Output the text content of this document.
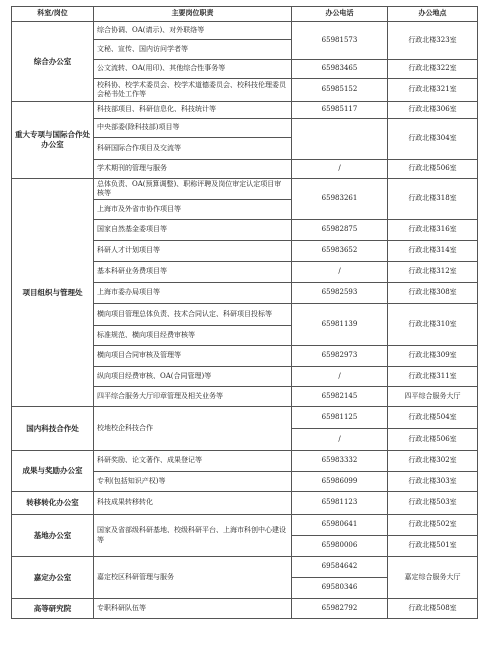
科室/岗位	主要岗位职责	办公电话	办公地点
综合办公室	综合协调、OA(请示)、对外联络等	65981573	行政北楼323室
	文秘、宣传、国内访问学者等		
	公文流转、OA(用印)、其他综合性事务等	65983465	行政北楼322室
	校科协、校学术委员会、校学术道德委员会、校科技伦理委员会秘书处工作等	65985152	行政北楼321室
重大专项与国际合作处办公室	科技部项目、科研信息化、科技统计等	65985117	行政北楼306室
	中央部委(除科技部)项目等		行政北楼304室
	科研国际合作项目及交流等		
	学术期刊的管理与服务	/	行政北楼506室
项目组织与管理处	总体负责、OA(预算调整)、职称评聘及岗位审定认定项目审核等	65983261	行政北楼318室
	上海市及外省市协作项目等		
	国家自然基金委项目等	65982875	行政北楼316室
	科研人才计划项目等	65983652	行政北楼314室
	基本科研业务费项目等	/	行政北楼312室
	上海市委办局项目等	65982593	行政北楼308室
	横向项目管理总体负责、技术合同认定、科研项目投标等	65981139	行政北楼310室
	标准规范、横向项目经费审核等		
	横向项目合同审核及管理等	65982973	行政北楼309室
	纵向项目经费审核、OA(合同管理)等	/	行政北楼311室
	四平综合服务大厅印章管理及相关业务等	65982145	四平综合服务大厅
国内科技合作处	校地校企科技合作	65981125	行政北楼504室
		/	行政北楼506室
成果与奖励办公室	科研奖励、论文著作、成果登记等	65983332	行政北楼302室
	专利(包括知识产权)等	65986099	行政北楼303室
转移转化办公室	科技成果转移转化	65981123	行政北楼503室
基地办公室	国家及省部级科研基地、校级科研平台、上海市科创中心建设等	65980641	行政北楼502室
		65980006	行政北楼501室
嘉定办公室	嘉定校区科研管理与服务	69584642	嘉定综合服务大厅
		69580346	
高等研究院	专职科研队伍等	65982792	行政北楼508室
